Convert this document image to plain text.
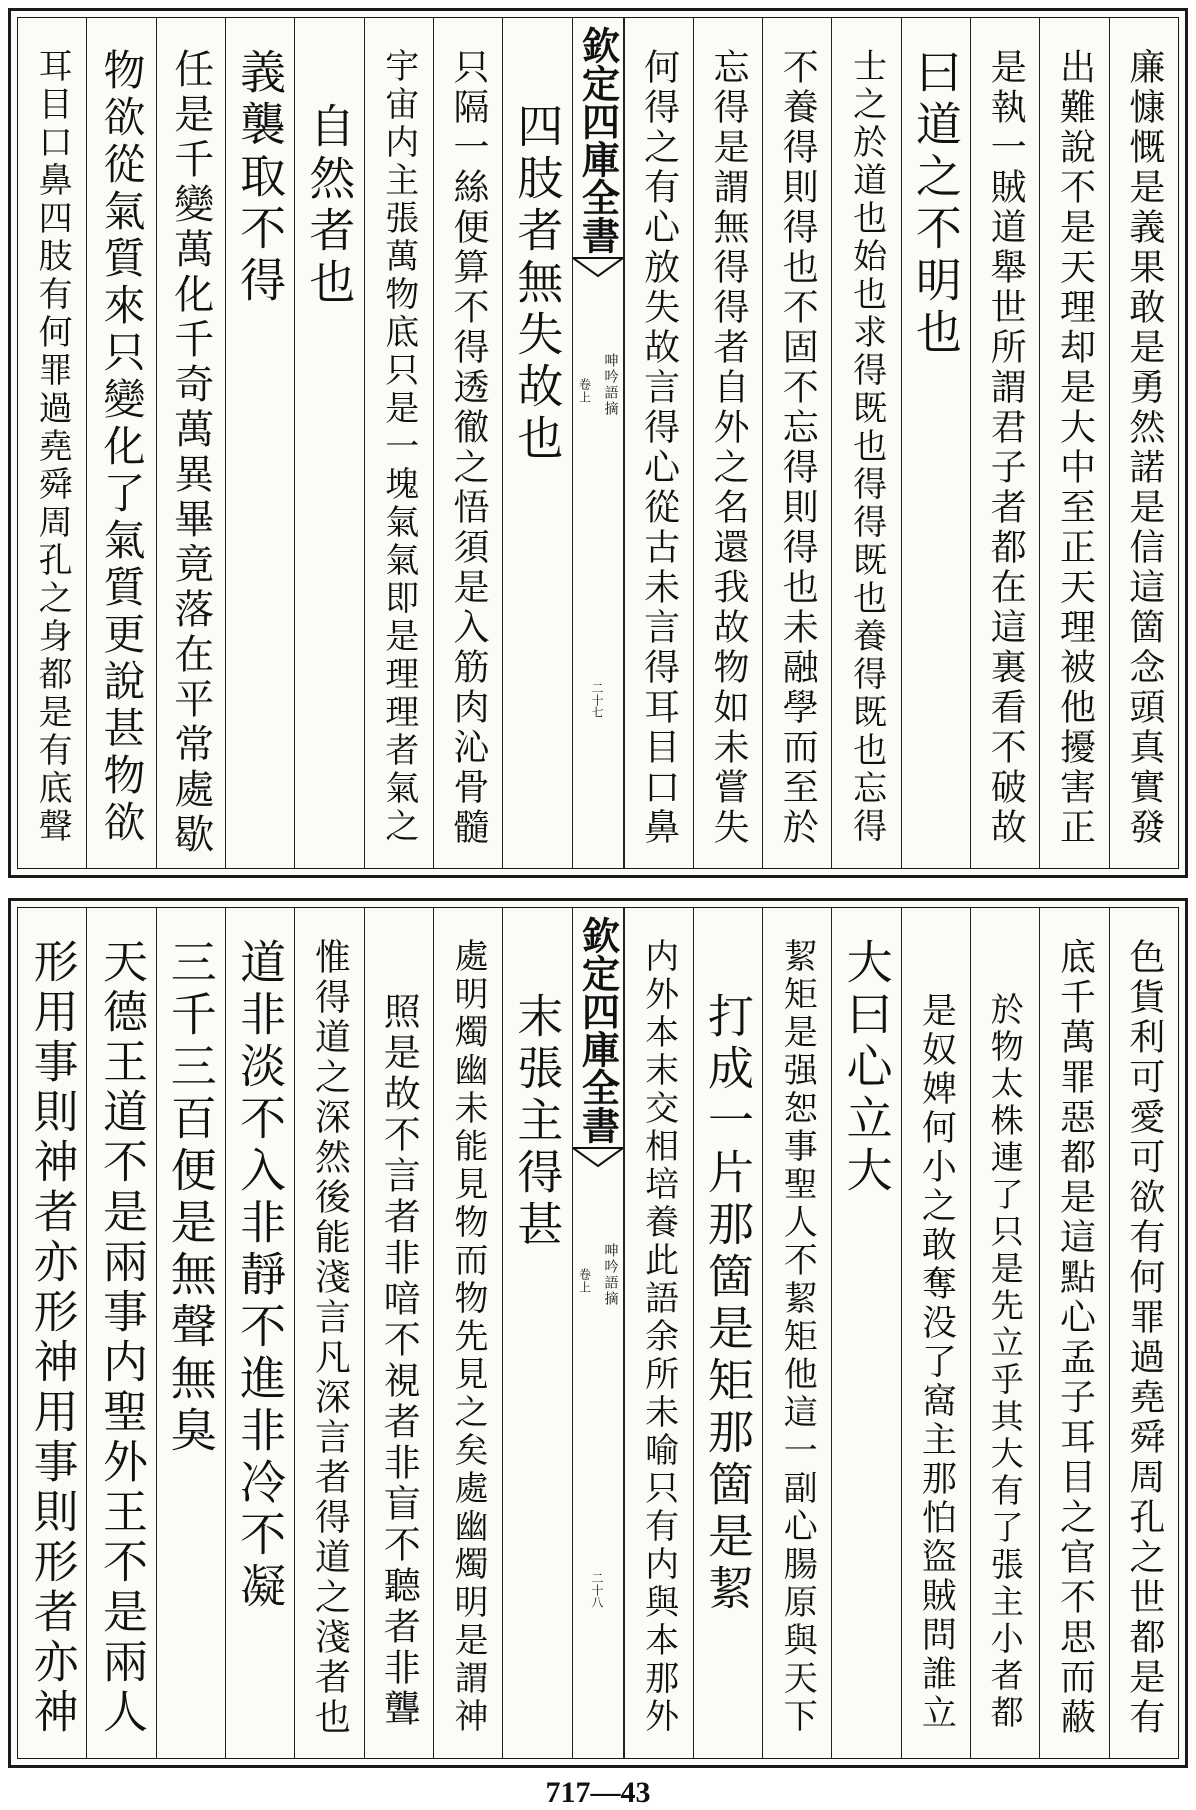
廉慷慨是義果敢是勇然諾是信這箇念頭真實發
出難說不是天理却是大中至正天理被他擾害正
是執一賊道舉世所謂君子者都在這裏看不破故
曰道之不明也
士之於道也始也求得既也得得既也養得既也忘得
不養得則得也不固不忘得則得也未融學而至於
忘得是謂無得得者自外之名還我故物如未嘗失
何得之有心放失故言得心從古未言得耳目口鼻
欽定四庫全書
呻吟語摘
卷上
二十七
四肢者無失故也
只隔一絲便算不得透徹之悟須是入筋肉沁骨髓
宇宙内主張萬物底只是一塊氣氣即是理理者氣之
自然者也
義襲取不得
任是千變萬化千奇萬異畢竟落在平常處歇
物欲從氣質來只變化了氣質更說甚物欲
耳目口鼻四肢有何罪過堯舜周孔之身都是有底聲
色貨利可愛可欲有何罪過堯舜周孔之世都是有
底千萬罪惡都是這點心孟子耳目之官不思而蔽
於物太株連了只是先立乎其大有了張主小者都
是奴婢何小之敢奪没了窩主那怕盜賊問誰立
大曰心立大
絜矩是强恕事聖人不絜矩他這一副心腸原與天下
打成一片那箇是矩那箇是絜
内外本末交相培養此語余所未喻只有内與本那外
欽定四庫全書
呻吟語摘
卷上
二十八
末張主得甚
處明燭幽未能見物而物先見之矣處幽燭明是謂神
照是故不言者非喑不視者非盲不聽者非聾
惟得道之深然後能淺言凡深言者得道之淺者也
道非淡不入非靜不進非冷不凝
三千三百便是無聲無臭
天德王道不是兩事内聖外王不是兩人
形用事則神者亦形神用事則形者亦神
717—43
